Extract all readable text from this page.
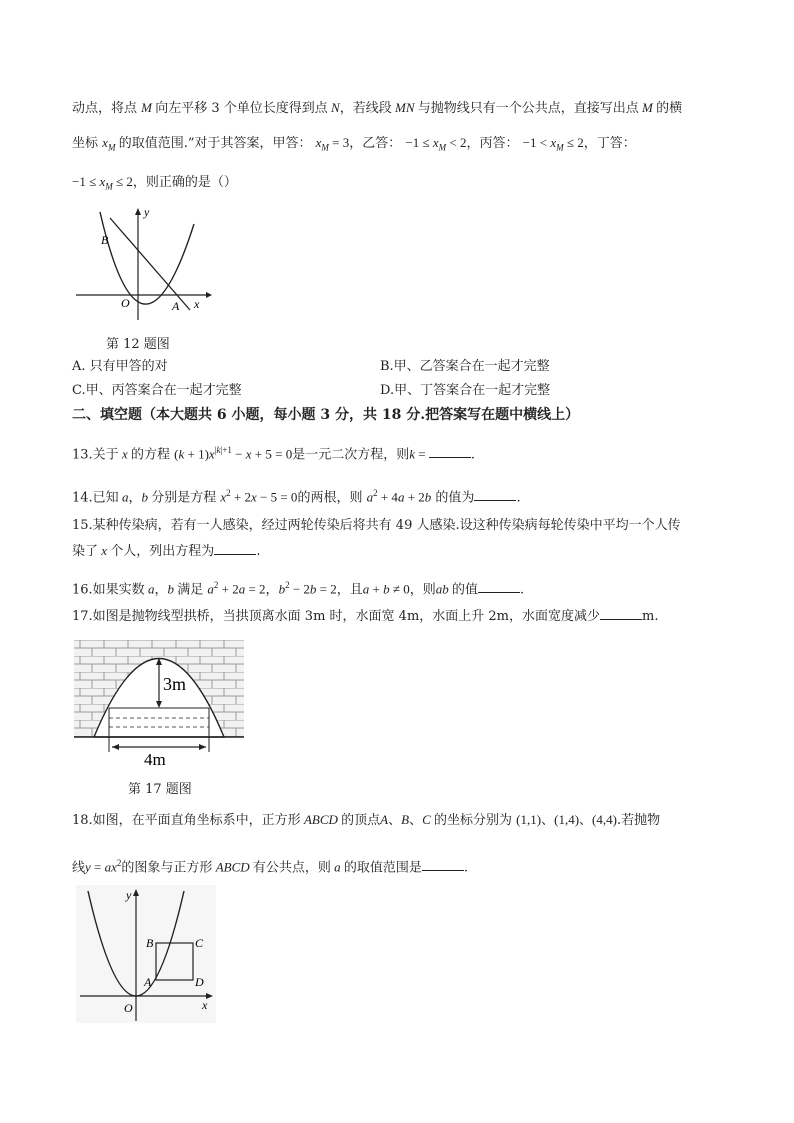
动点，将点 M 向左平移 3 个单位长度得到点 N，若线段 MN 与抛物线只有一个公共点，直接写出点 M 的横
坐标 $x_M$ 的取值范围.”对于其答案，甲答： $x_M = 3$，乙答： $-1 \le x_M < 2$，丙答： $-1 < x_M \le 2$，丁答：
$-1 \le x_M \le 2$，则正确的是（）
y
x
O	A
B
第 12 题图
A. 只有甲答的对	B.甲、乙答案合在一起才完整
C.甲、丙答案合在一起才完整	D.甲、丁答案合在一起才完整
二、填空题（本大题共 6 小题，每小题 3 分，共 18 分.把答案写在题中横线上）
13.关于 x 的方程 $(k + 1)x^{|k|+1} - x + 5 = 0$是一元二次方程，则k =	.
14.已知 a，b 分别是方程 $x^2 + 2x - 5 = 0$的两根，则 $a^2 + 4a + 2b$ 的值为	.
15.某种传染病，若有一人感染，经过两轮传染后将共有 49 人感染.设这种传染病每轮传染中平均一个人传
染了 x 个人，列出方程为	.
16.如果实数 a，b 满足 $a^2 + 2a = 2$，$b^2 - 2b = 2$，且a + b ≠ 0，则ab 的值	.
17.如图是抛物线型拱桥，当拱顶离水面 3m 时，水面宽 4m，水面上升 2m，水面宽度减少	m.
3m
4m
第 17 题图
18.如图，在平面直角坐标系中，正方形 ABCD 的顶点A、B、C 的坐标分别为 (1,1)、(1,4)、(4,4).若抛物
线$y = ax^2$的图象与正方形 ABCD 有公共点，则 a 的取值范围是	.
y
x
O
A
B	C
D
